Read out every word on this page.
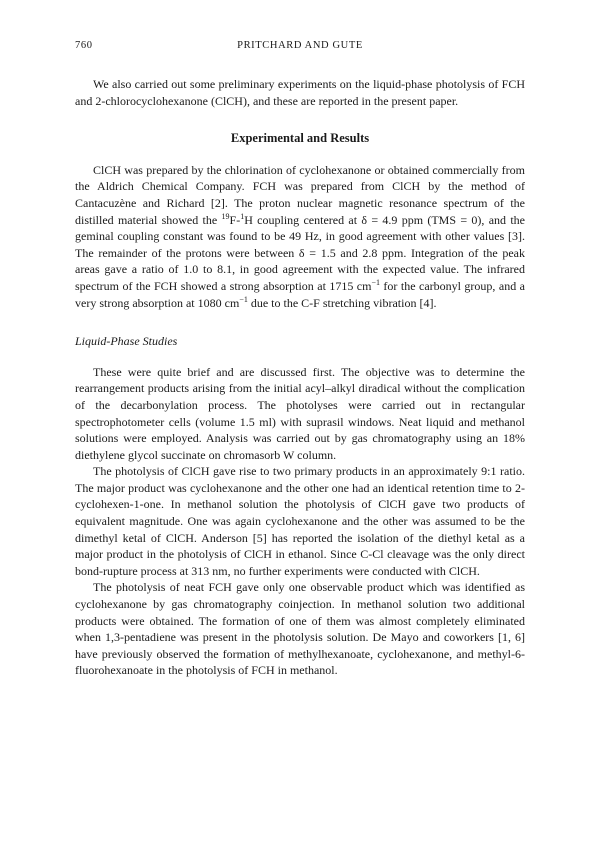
760	PRITCHARD AND GUTE

We also carried out some preliminary experiments on the liquid-phase photolysis of FCH and 2-chlorocyclohexanone (ClCH), and these are reported in the present paper.

Experimental and Results

ClCH was prepared by the chlorination of cyclohexanone or obtained commercially from the Aldrich Chemical Company. FCH was prepared from ClCH by the method of Cantacuzène and Richard [2]. The proton nuclear magnetic resonance spectrum of the distilled material showed the $^{19}$F-$^1$H coupling centered at δ = 4.9 ppm (TMS = 0), and the geminal coupling constant was found to be 49 Hz, in good agreement with other values [3]. The remainder of the protons were between δ = 1.5 and 2.8 ppm. Integration of the peak areas gave a ratio of 1.0 to 8.1, in good agreement with the expected value. The infrared spectrum of the FCH showed a strong absorption at 1715 $cm^{-1}$ for the carbonyl group, and a very strong absorption at 1080 $cm^{-1}$ due to the C-F stretching vibration [4].

Liquid-Phase Studies

These were quite brief and are discussed first. The objective was to determine the rearrangement products arising from the initial acyl–alkyl diradical without the complication of the decarbonylation process. The photolyses were carried out in rectangular spectrophotometer cells (volume 1.5 ml) with suprasil windows. Neat liquid and methanol solutions were employed. Analysis was carried out by gas chromatography using an 18% diethylene glycol succinate on chromasorb W column.

The photolysis of ClCH gave rise to two primary products in an approximately 9:1 ratio. The major product was cyclohexanone and the other one had an identical retention time to 2-cyclohexen-1-one. In methanol solution the photolysis of ClCH gave two products of equivalent magnitude. One was again cyclohexanone and the other was assumed to be the dimethyl ketal of ClCH. Anderson [5] has reported the isolation of the diethyl ketal as a major product in the photolysis of ClCH in ethanol. Since C-Cl cleavage was the only direct bond-rupture process at 313 nm, no further experiments were conducted with ClCH.

The photolysis of neat FCH gave only one observable product which was identified as cyclohexanone by gas chromatography coinjection. In methanol solution two additional products were obtained. The formation of one of them was almost completely eliminated when 1,3-pentadiene was present in the photolysis solution. De Mayo and coworkers [1, 6] have previously observed the formation of methylhexanoate, cyclohexanone, and methyl-6-fluorohexanoate in the photolysis of FCH in methanol.
